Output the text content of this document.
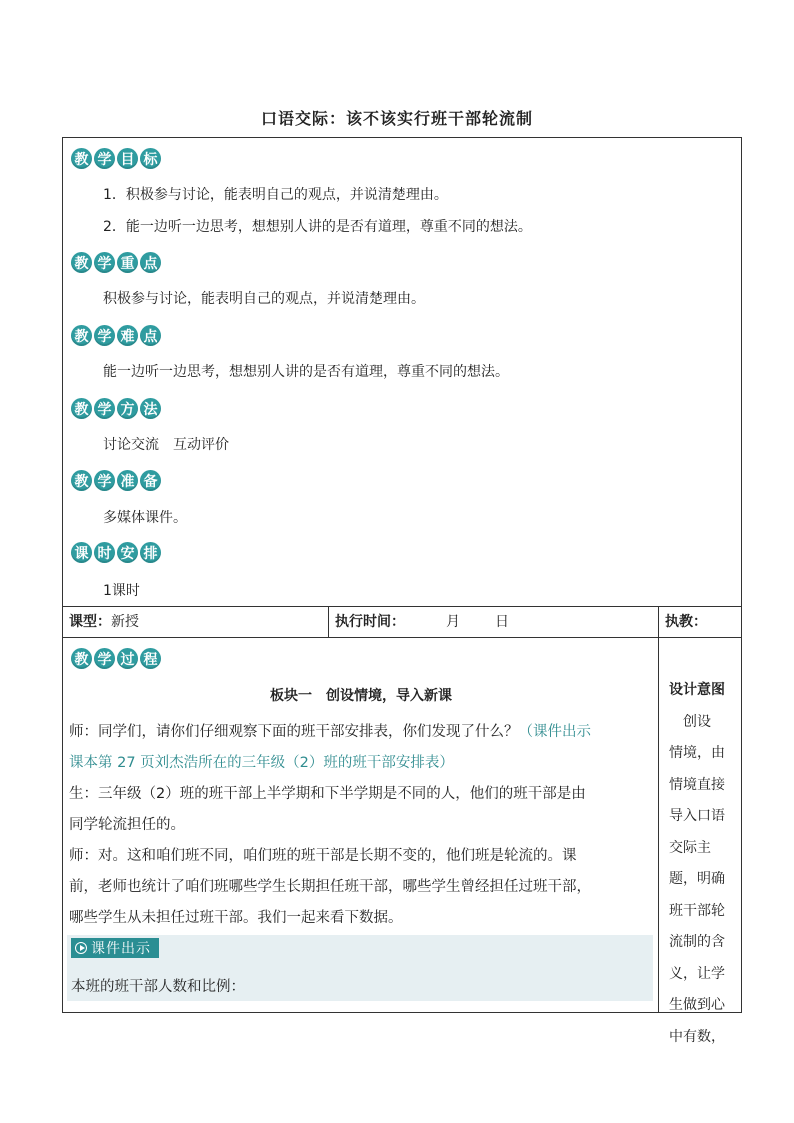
口语交际：该不该实行班干部轮流制
教 学 目 标
1．积极参与讨论，能表明自己的观点，并说清楚理由。
2．能一边听一边思考，想想别人讲的是否有道理，尊重不同的想法。
教 学 重 点
积极参与讨论，能表明自己的观点，并说清楚理由。
教 学 难 点
能一边听一边思考，想想别人讲的是否有道理，尊重不同的想法。
教 学 方 法
讨论交流　互动评价
教 学 准 备
多媒体课件。
课 时 安 排
1课时
课型：新授	执行时间：	月	日	执教：
教 学 过 程
板块一　创设情境，导入新课
师：同学们，请你们仔细观察下面的班干部安排表，你们发现了什么？（课件出示
课本第 27 页刘杰浩所在的三年级（2）班的班干部安排表）
生：三年级（2）班的班干部上半学期和下半学期是不同的人，他们的班干部是由
同学轮流担任的。
师：对。这和咱们班不同，咱们班的班干部是长期不变的，他们班是轮流的。课
前，老师也统计了咱们班哪些学生长期担任班干部，哪些学生曾经担任过班干部，
哪些学生从未担任过班干部。我们一起来看下数据。
课件出示
本班的班干部人数和比例：
设计意图
　创设
情境，由
情境直接
导入口语
交际主
题，明确
班干部轮
流制的含
义，让学
生做到心
中有数，
